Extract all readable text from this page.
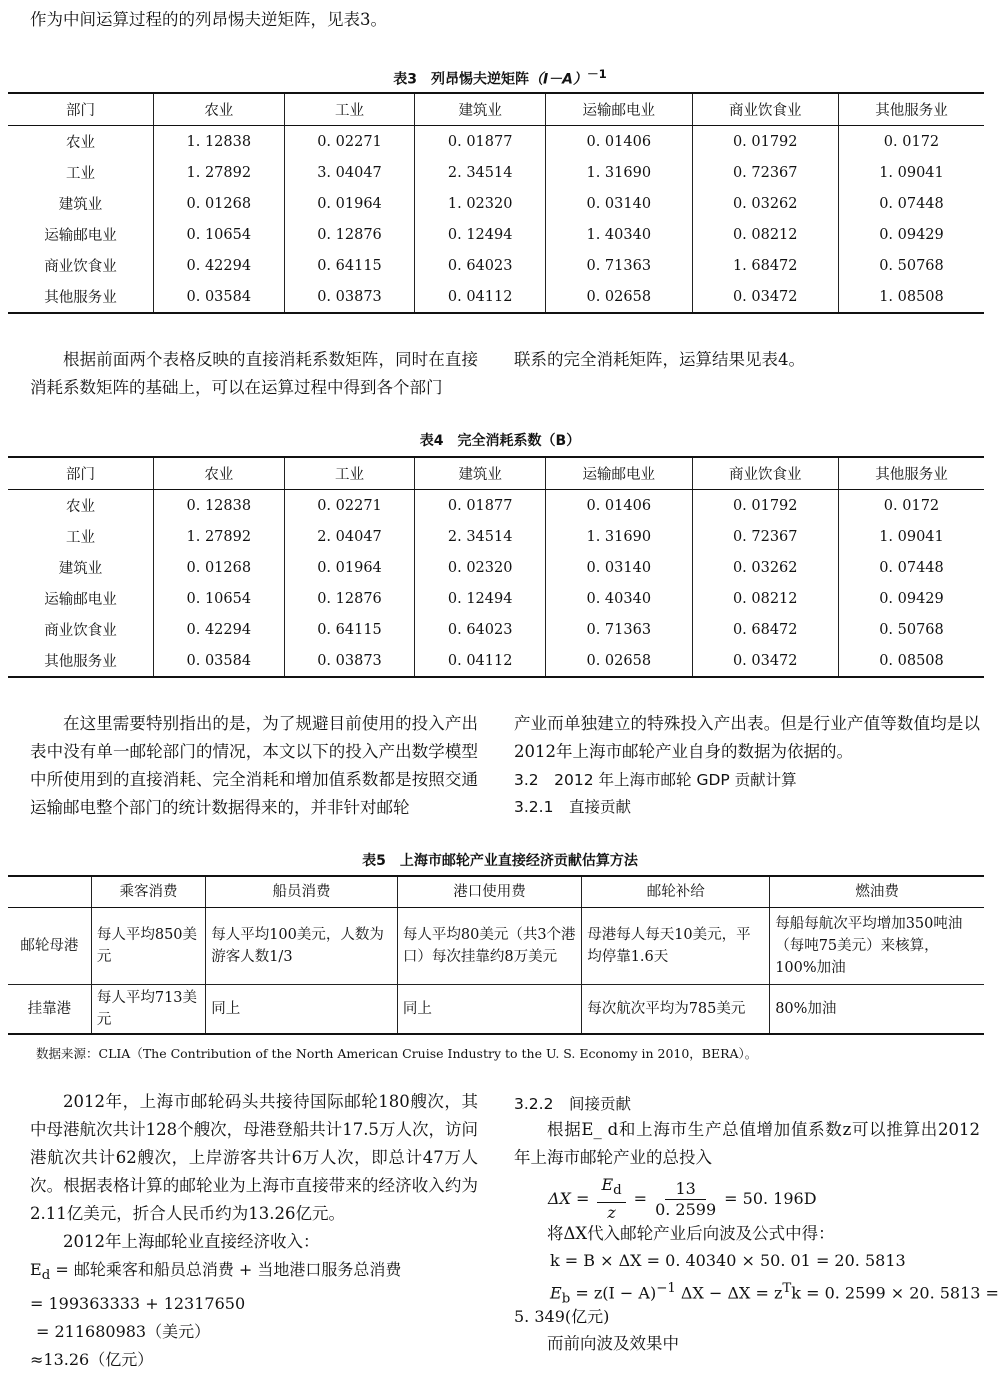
作为中间运算过程的的列昂惕夫逆矩阵，见表3。
表3　 列昂惕夫逆矩阵$(I-A)^{-1}$
部门	农业	工业	建筑业	运输邮电业	商业饮食业	其他服务业
农业	1. 12838	0. 02271	0. 01877	0. 01406	0. 01792	0. 0172
工业	1. 27892	3. 04047	2. 34514	1. 31690	0. 72367	1. 09041
建筑业	0. 01268	0. 01964	1. 02320	0. 03140	0. 03262	0. 07448
运输邮电业	0. 10654	0. 12876	0. 12494	1. 40340	0. 08212	0. 09429
商业饮食业	0. 42294	0. 64115	0. 64023	0. 71363	1. 68472	0. 50768
其他服务业	0. 03584	0. 03873	0. 04112	0. 02658	0. 03472	1. 08508

根据前面两个表格反映的直接消耗系数矩阵，同时在直接消耗系数矩阵的基础上，可以在运算过程中得到各个部门

联系的完全消耗矩阵，运算结果见表4。

表4　 完全消耗系数（B）
部门	农业	工业	建筑业	运输邮电业	商业饮食业	其他服务业
农业	0. 12838	0. 02271	0. 01877	0. 01406	0. 01792	0. 0172
工业	1. 27892	2. 04047	2. 34514	1. 31690	0. 72367	1. 09041
建筑业	0. 01268	0. 01964	0. 02320	0. 03140	0. 03262	0. 07448
运输邮电业	0. 10654	0. 12876	0. 12494	0. 40340	0. 08212	0. 09429
商业饮食业	0. 42294	0. 64115	0. 64023	0. 71363	0. 68472	0. 50768
其他服务业	0. 03584	0. 03873	0. 04112	0. 02658	0. 03472	0. 08508

在这里需要特别指出的是，为了规避目前使用的投入产出表中没有单一邮轮部门的情况，本文以下的投入产出数学模型中所使用到的直接消耗、完全消耗和增加值系数都是按照交通运输邮电整个部门的统计数据得来的，并非针对邮轮

产业而单独建立的特殊投入产出表。但是行业产值等数值均是以2012年上海市邮轮产业自身的数据为依据的。

3.2　2012 年上海市邮轮 GDP 贡献计算
3.2.1　直接贡献
表5　 上海市邮轮产业直接经济贡献估算方法
	乘客消费	船员消费	港口使用费	邮轮补给	燃油费
邮轮母港	每人平均850美元	每人平均100美元，人数为游客人数1/3	每人平均80美元（共3个港口）每次挂靠约8万美元	母港每人每天10美元，平均停靠1.6天	每船每航次平均增加350吨油（每吨75美元）来核算，100%加油
挂靠港	每人平均713美元	同上	同上	每次航次平均为785美元	80%加油
数据来源：CLIA（The Contribution of the North American Cruise Industry to the U. S. Economy in 2010，BERA）。

2012年，上海市邮轮码头共接待国际邮轮180艘次，其中母港航次共计128个艘次，母港登船共计17.5万人次，访问港航次共计62艘次，上岸游客共计6万人次，即总计47万人次。根据表格计算的邮轮业为上海市直接带来的经济收入约为2.11亿美元，折合人民币约为13.26亿元。

2012年上海邮轮业直接经济收入：

$E_d$ = 邮轮乘客和船员总消费 + 当地港口服务总消费
= 199363333 + 12317650
= 211680983（美元）
≈13.26（亿元）
3.2.2　间接贡献

根据E_ d和上海市生产总值增加值系数z可以推算出2012年上海市邮轮产业的总投入

$\Delta X = \frac{E_d}{z} = \frac{13}{0. 2599} = 50$. 196D

将ΔX代入邮轮产业后向波及公式中得：

k = B × ΔX = 0. 40340 × 50. 01 = 20. 5813
$E_b = z(I - A)^{-1}$ $\Delta X - \Delta X = z^Tk = 0$. 2599 × 20. 5813 =
5. 349(亿元)

而前向波及效果中
